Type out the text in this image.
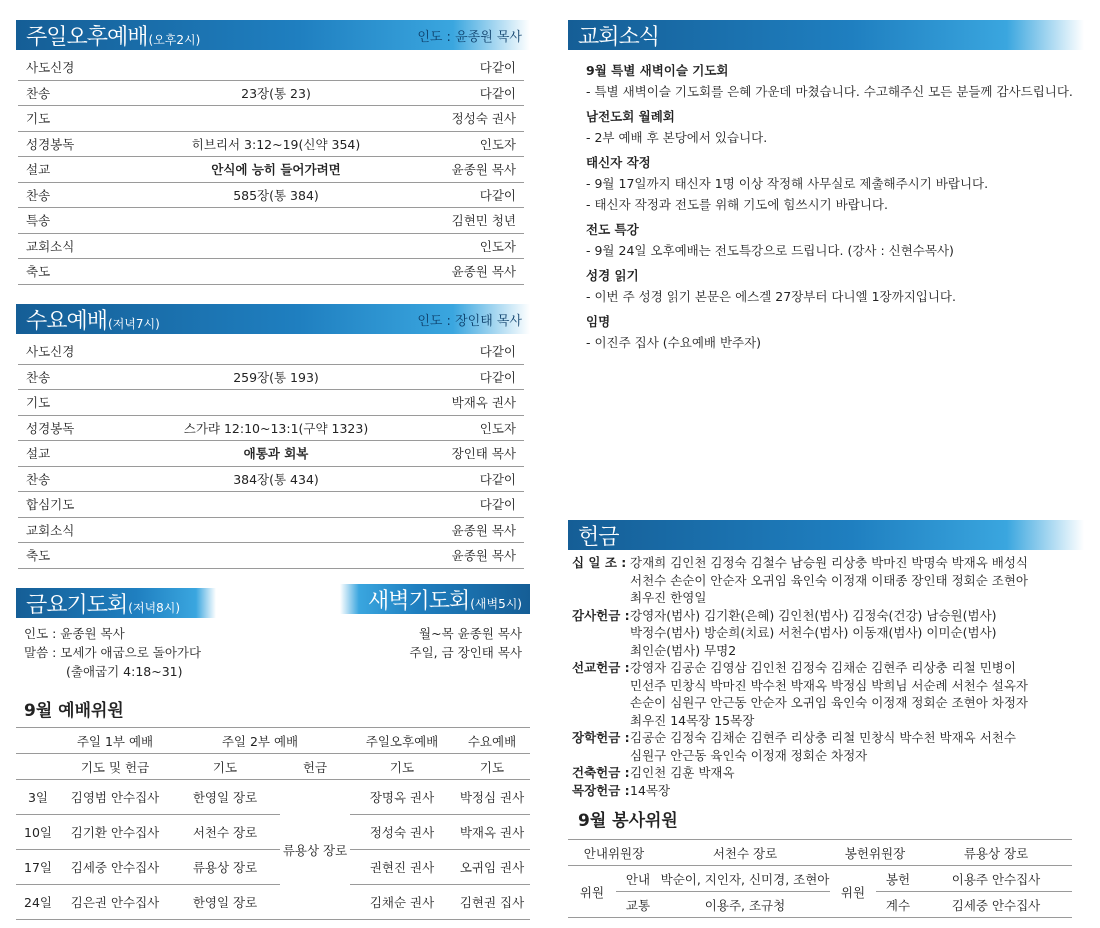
주일오후예배(오후2시)	인도 : 윤종원 목사
사도신경		다같이
찬송	23장(통 23)	다같이
기도		정성숙 권사
성경봉독	히브리서 3:12~19(신약 354)	인도자
설교	안식에 능히 들어가려면	윤종원 목사
찬송	585장(통 384)	다같이
특송		김현민 청년
교회소식		인도자
축도		윤종원 목사
수요예배(저녁7시)	인도 : 장인태 목사
사도신경		다같이
찬송	259장(통 193)	다같이
기도		박재옥 권사
성경봉독	스가랴 12:10~13:1(구약 1323)	인도자
설교	애통과 회복	장인태 목사
찬송	384장(통 434)	다같이
합심기도		다같이
교회소식		윤종원 목사
축도		윤종원 목사
금요기도회(저녁8시)
인도 : 윤종원 목사
말씀 : 모세가 애굽으로 돌아가다
(출애굽기 4:18~31)
새벽기도회(새벽5시)
월~목 윤종원 목사
주일, 금 장인태 목사
9월 예배위원
	주일 1부 예배	주일 2부 예배		주일오후예배	수요예배
	기도 및 헌금	기도	헌금	기도	기도
3일	김영범 안수집사	한영일 장로	류용상 장로	장명옥 권사	박정심 권사
10일	김기환 안수집사	서천수 장로		정성숙 권사	박재옥 권사
17일	김세중 안수집사	류용상 장로		권현진 권사	오귀임 권사
24일	김은권 안수집사	한영일 장로		김채순 권사	김현권 집사
교회소식
9월 특별 새벽이슬 기도회
- 특별 새벽이슬 기도회를 은혜 가운데 마쳤습니다. 수고해주신 모든 분들께 감사드립니다.
남전도회 월례회
- 2부 예배 후 본당에서 있습니다.
태신자 작정
- 9월 17일까지 태신자 1명 이상 작정해 사무실로 제출해주시기 바랍니다.
- 태신자 작정과 전도를 위해 기도에 힘쓰시기 바랍니다.
전도 특강
- 9월 24일 오후예배는 전도특강으로 드립니다. (강사 : 신현수목사)
성경 읽기
- 이번 주 성경 읽기 본문은 에스겔 27장부터 다니엘 1장까지입니다.
임명
- 이진주 집사 (수요예배 반주자)
헌금
십 일 조 : 강재희 김인천 김정숙 김철수 남승원 리상충 박마진 박명숙 박재옥 배성식
서천수 손순이 안순자 오귀임 육인숙 이정재 이태종 장인태 정회순 조현아
최우진 한영일
감사헌금 : 강영자(범사) 김기환(은혜) 김인천(범사) 김정숙(건강) 남승원(범사)
박정수(범사) 방순희(치료) 서천수(범사) 이동재(범사) 이미순(범사)
최인순(범사) 무명2
선교헌금 : 강영자 김공순 김영삼 김인천 김정숙 김채순 김현주 리상충 리철 민병이
민선주 민창식 박마진 박수천 박재옥 박정심 박희님 서순례 서천수 설옥자
손순이 심원구 안근동 안순자 오귀임 육인숙 이정재 정회순 조현아 차정자
최우진 14목장 15목장
장학헌금 : 김공순 김정숙 김채순 김현주 리상충 리철 민창식 박수천 박재옥 서천수
심원구 안근동 육인숙 이정재 정회순 차정자
건축헌금 : 김인천 김훈 박재옥
목장헌금 : 14목장
9월 봉사위원
안내위원장		서천수 장로	봉헌위원장		류용상 장로
위원	안내	박순이, 지인자, 신미경, 조현아	위원	봉헌	이용주 안수집사
	교통	이용주, 조규청		계수	김세중 안수집사
